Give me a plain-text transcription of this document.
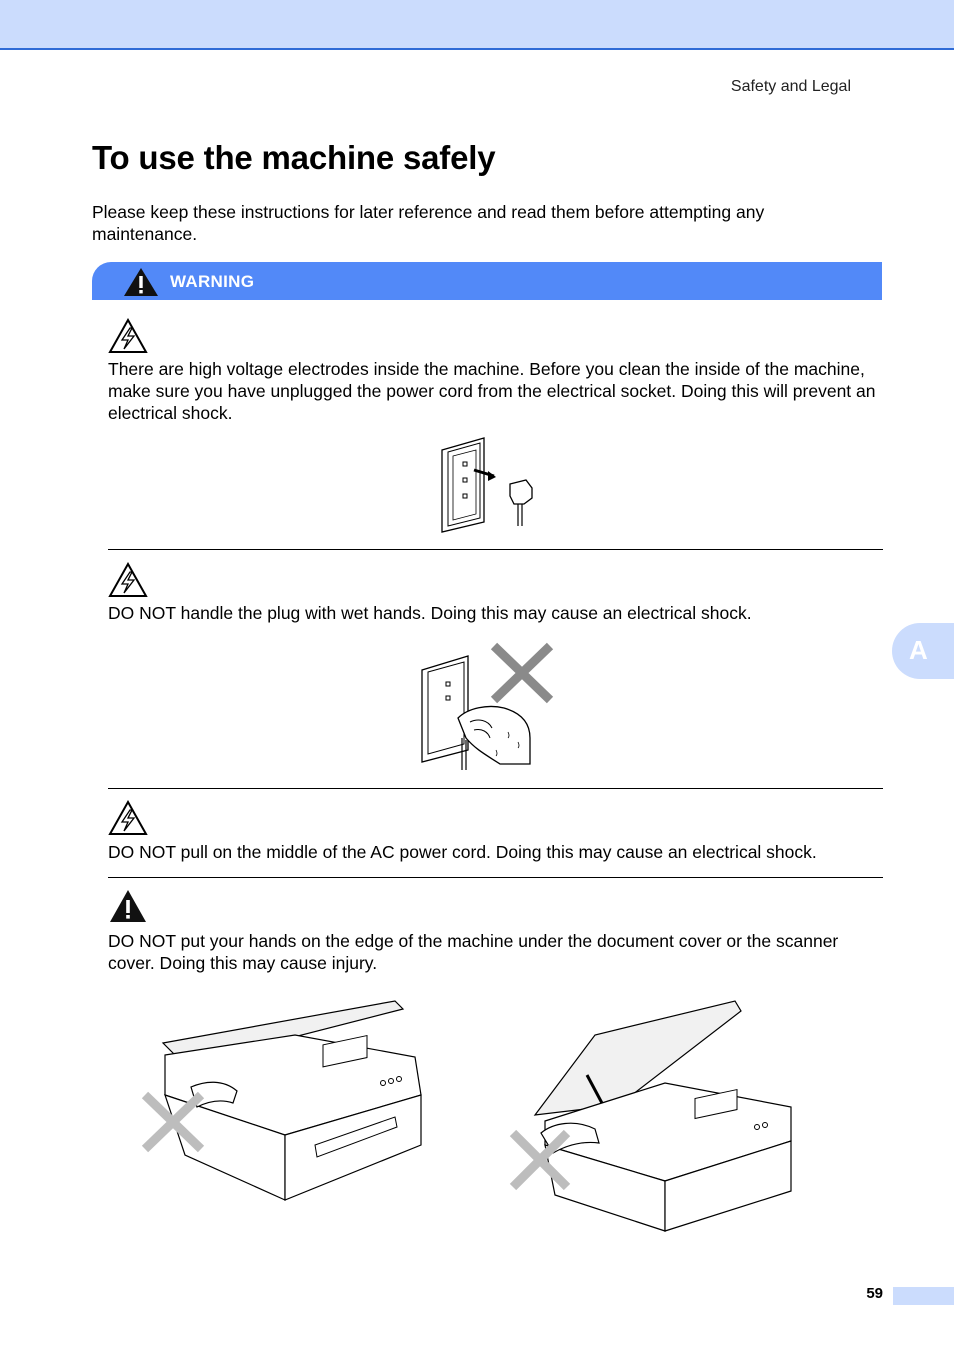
Safety and Legal
To use the machine safely

Please keep these instructions for later reference and read them before attempting any maintenance.

WARNING

There are high voltage electrodes inside the machine. Before you clean the inside of the machine, make sure you have unplugged the power cord from the electrical socket. Doing this will prevent an electrical shock.

DO NOT handle the plug with wet hands. Doing this may cause an electrical shock.

DO NOT pull on the middle of the AC power cord. Doing this may cause an electrical shock.

DO NOT put your hands on the edge of the machine under the document cover or the scanner cover. Doing this may cause injury.

A
59
